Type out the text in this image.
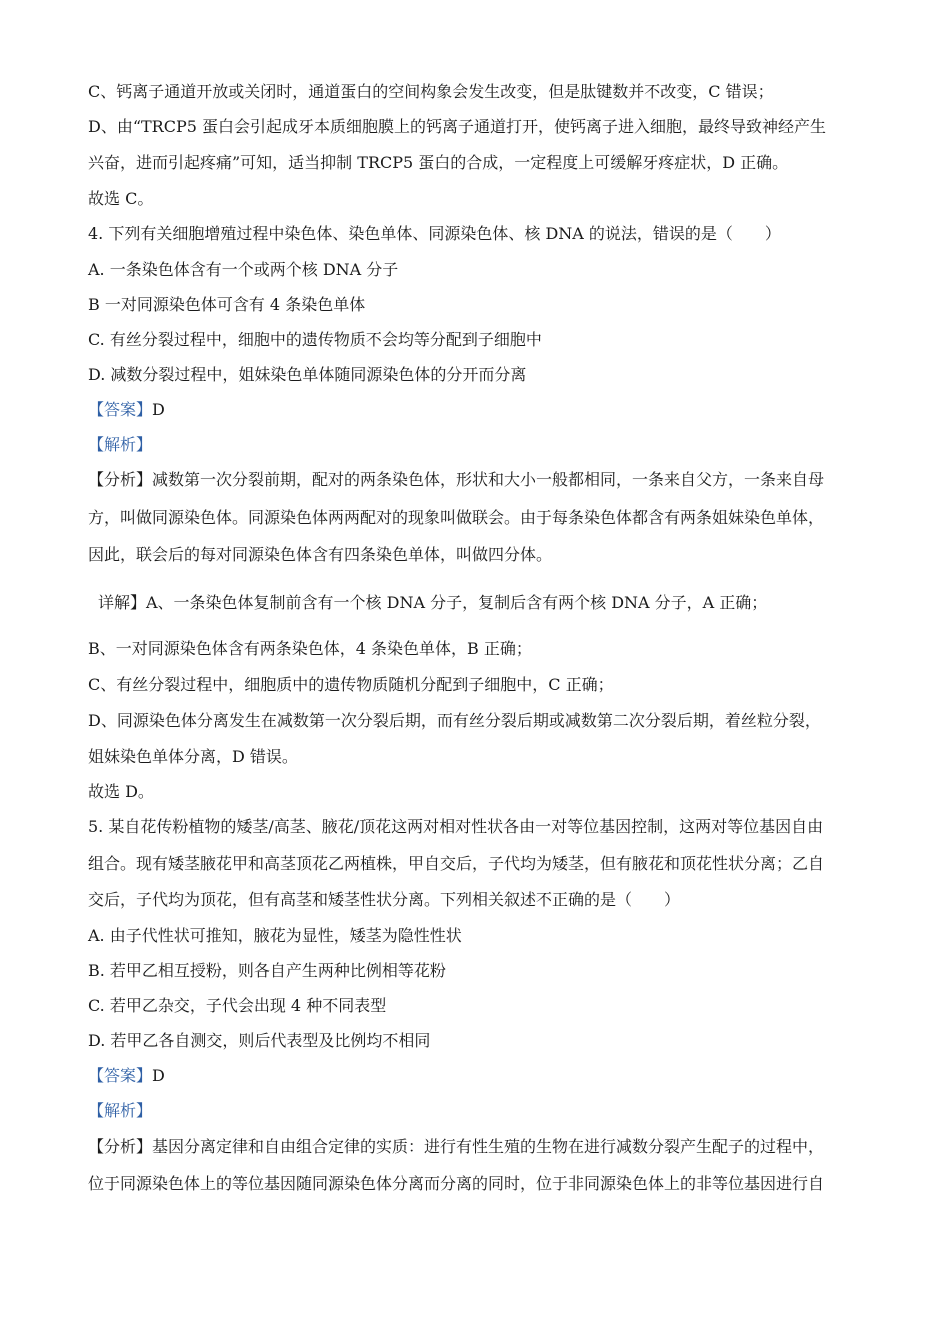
C、钙离子通道开放或关闭时，通道蛋白的空间构象会发生改变，但是肽键数并不改变，C 错误；
D、由“TRCP5 蛋白会引起成牙本质细胞膜上的钙离子通道打开，使钙离子进入细胞，最终导致神经产生
兴奋，进而引起疼痛”可知，适当抑制 TRCP5 蛋白的合成，一定程度上可缓解牙疼症状，D 正确。
故选 C。
4. 下列有关细胞增殖过程中染色体、染色单体、同源染色体、核 DNA 的说法，错误的是（　　）
A. 一条染色体含有一个或两个核 DNA 分子
B 一对同源染色体可含有 4 条染色单体
C. 有丝分裂过程中，细胞中的遗传物质不会均等分配到子细胞中
D. 减数分裂过程中，姐妹染色单体随同源染色体的分开而分离
【答案】D
【解析】
【分析】减数第一次分裂前期，配对的两条染色体，形状和大小一般都相同，一条来自父方，一条来自母
方，叫做同源染色体。同源染色体两两配对的现象叫做联会。由于每条染色体都含有两条姐妹染色单体，
因此，联会后的每对同源染色体含有四条染色单体，叫做四分体。
详解】A、一条染色体复制前含有一个核 DNA 分子，复制后含有两个核 DNA 分子，A 正确；
B、一对同源染色体含有两条染色体，4 条染色单体，B 正确；
C、有丝分裂过程中，细胞质中的遗传物质随机分配到子细胞中，C 正确；
D、同源染色体分离发生在减数第一次分裂后期，而有丝分裂后期或减数第二次分裂后期，着丝粒分裂，
姐妹染色单体分离，D 错误。
故选 D。
5. 某自花传粉植物的矮茎/高茎、腋花/顶花这两对相对性状各由一对等位基因控制，这两对等位基因自由
组合。现有矮茎腋花甲和高茎顶花乙两植株，甲自交后，子代均为矮茎，但有腋花和顶花性状分离；乙自
交后，子代均为顶花，但有高茎和矮茎性状分离。下列相关叙述不正确的是（　　）
A. 由子代性状可推知，腋花为显性，矮茎为隐性性状
B. 若甲乙相互授粉，则各自产生两种比例相等花粉
C. 若甲乙杂交，子代会出现 4 种不同表型
D. 若甲乙各自测交，则后代表型及比例均不相同
【答案】D
【解析】
【分析】基因分离定律和自由组合定律的实质：进行有性生殖的生物在进行减数分裂产生配子的过程中，
位于同源染色体上的等位基因随同源染色体分离而分离的同时，位于非同源染色体上的非等位基因进行自
